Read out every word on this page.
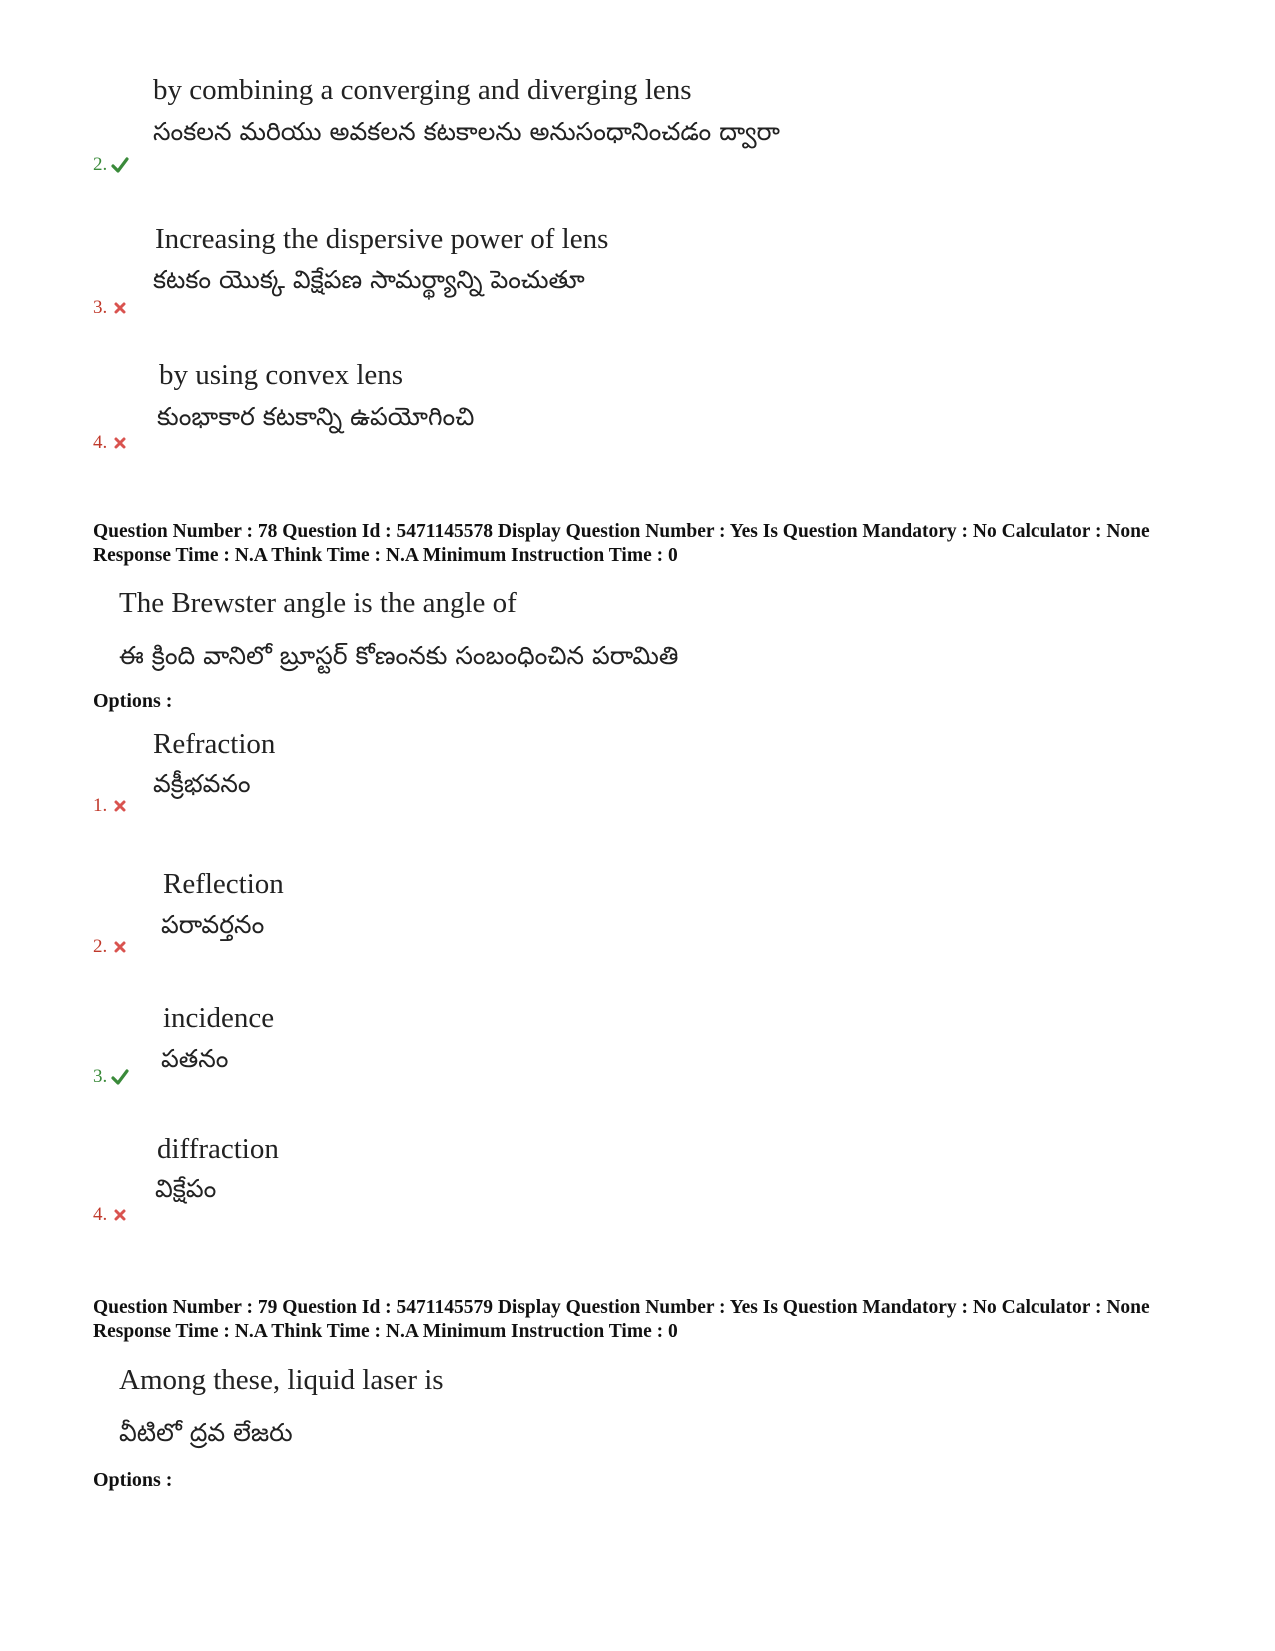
by combining a converging and diverging lens
సంకలన మరియు అవకలన కటకాలను అనుసంధానించడం ద్వారా
2.
Increasing the dispersive power of lens
కటకం యొక్క విక్షేపణ సామర్థ్యాన్ని పెంచుతూ
3.
by using convex lens
కుంభాకార కటకాన్ని ఉపయోగించి
4.
Question Number : 78 Question Id : 5471145578 Display Question Number : Yes Is Question Mandatory : No Calculator : None Response Time : N.A Think Time : N.A Minimum Instruction Time : 0
The Brewster angle is the angle of
ఈ క్రింది వానిలో బ్రూస్టర్ కోణంనకు సంబంధించిన పరామితి
Options :
Refraction
వక్రీభవనం
1.
Reflection
పరావర్తనం
2.
incidence
పతనం
3.
diffraction
విక్షేపం
4.
Question Number : 79 Question Id : 5471145579 Display Question Number : Yes Is Question Mandatory : No Calculator : None Response Time : N.A Think Time : N.A Minimum Instruction Time : 0
Among these, liquid laser is
వీటిలో ద్రవ లేజరు
Options :
